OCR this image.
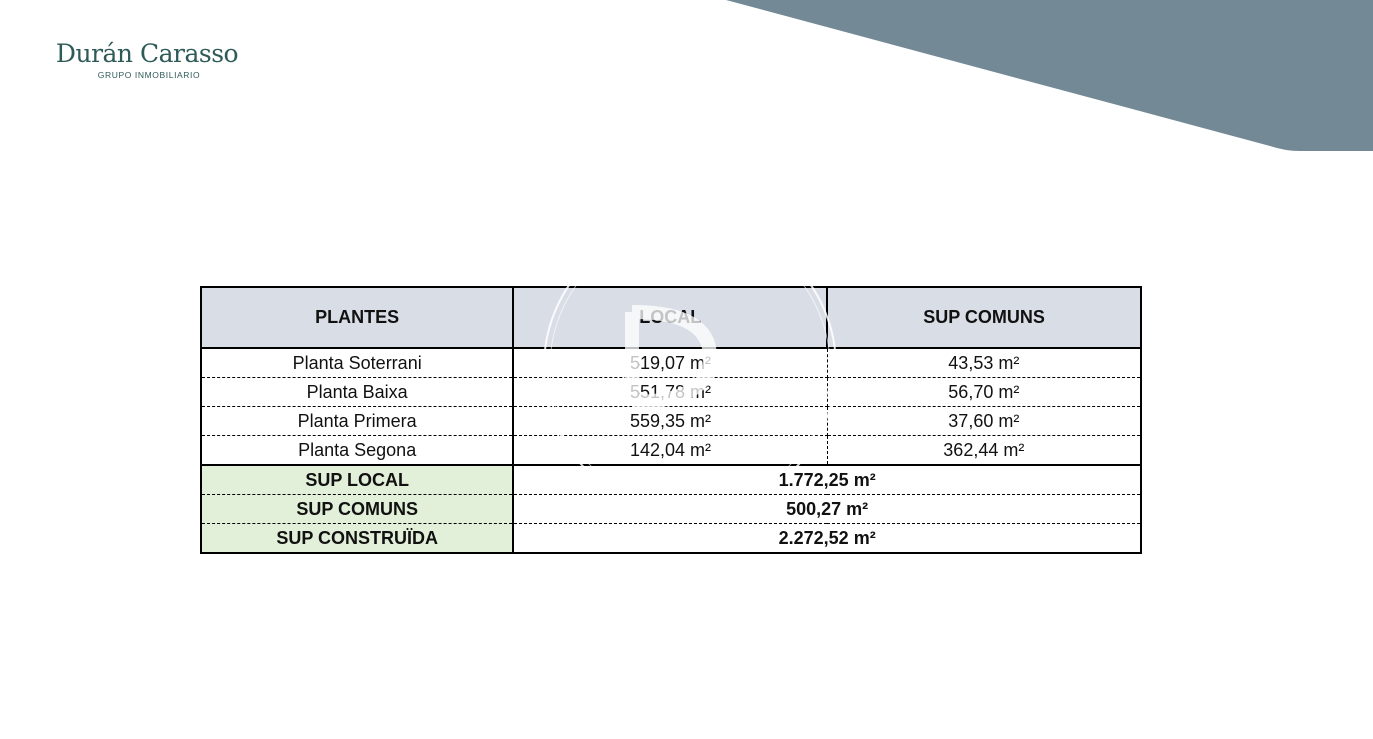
Durán Carasso
GRUPO INMOBILIARIO
PLANTES	LOCAL	SUP COMUNS
Planta Soterrani	519,07 m²	43,53 m²
Planta Baixa	551,78 m²	56,70 m²
Planta Primera	559,35 m²	37,60 m²
Planta Segona	142,04 m²	362,44 m²
SUP LOCAL	1.772,25 m²	
SUP COMUNS	500,27 m²	
SUP CONSTRUÏDA	2.272,52 m²	
